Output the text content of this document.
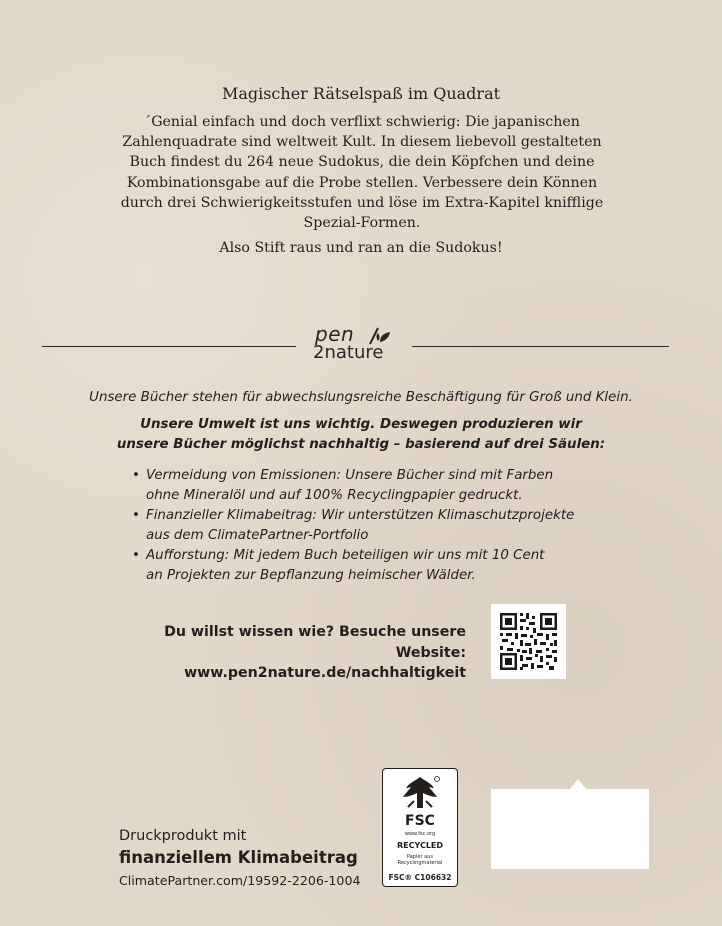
Magischer Rätselspaß im Quadrat
´Genial einfach und doch verflixt schwierig: Die japanischen Zahlenquadrate sind weltweit Kult. In diesem liebevoll gestalteten Buch findest du 264 neue Sudokus, die dein Köpfchen und deine Kombinationsgabe auf die Probe stellen. Verbessere dein Können durch drei Schwierigkeitsstufen und löse im Extra-Kapitel knifflige Spezial-Formen.
Also Stift raus und ran an die Sudokus!
pen
2nature
Unsere Bücher stehen für abwechslungsreiche Beschäftigung für Groß und Klein.
Unsere Umwelt ist uns wichtig. Deswegen produzieren wir
unsere Bücher möglichst nachhaltig – basierend auf drei Säulen:
• Vermeidung von Emissionen: Unsere Bücher sind mit Farben
ohne Mineralöl und auf 100% Recyclingpapier gedruckt.
• Finanzieller Klimabeitrag: Wir unterstützen Klimaschutzprojekte
aus dem ClimatePartner-Portfolio
• Aufforstung: Mit jedem Buch beteiligen wir uns mit 10 Cent
an Projekten zur Bepflanzung heimischer Wälder.
Du willst wissen wie? Besuche unsere Website:
www.pen2nature.de/nachhaltigkeit
Druckprodukt mit
finanziellem Klimabeitrag
ClimatePartner.com/19592-2206-1004
FSC
www.fsc.org
RECYCLED
Papier aus
Recyclingmaterial
FSC® C106632
